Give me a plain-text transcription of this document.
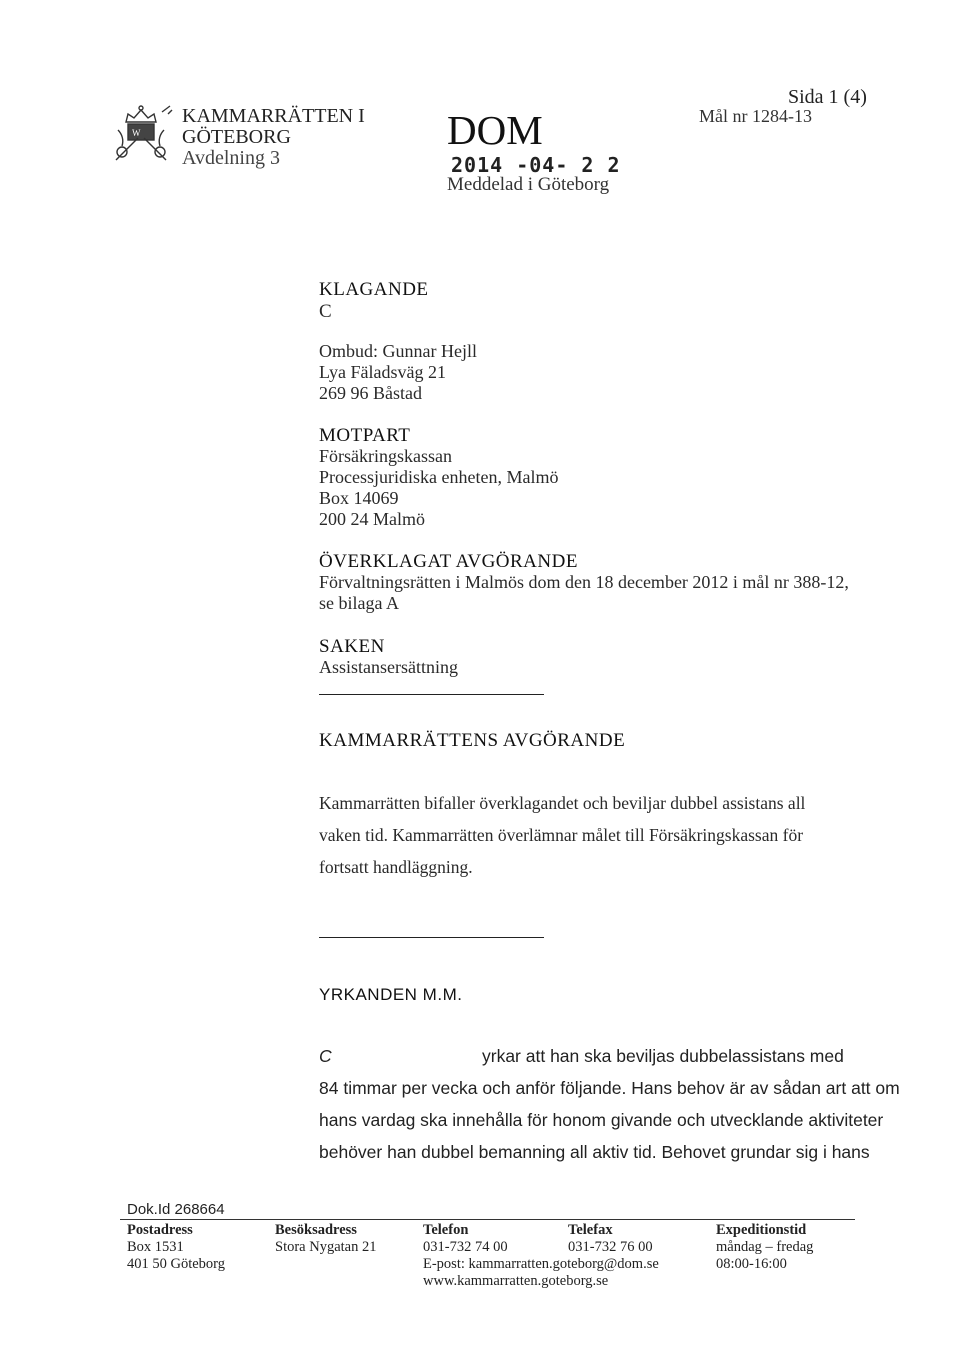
W
KAMMARRÄTTEN I
GÖTEBORG
Avdelning 3
DOM
2014 -04- 2 2
Meddelad i Göteborg
Sida 1 (4)
Mål nr 1284-13
KLAGANDE
C
Ombud: Gunnar Hejll
Lya Fäladsväg 21
269 96 Båstad
MOTPART
Försäkringskassan
Processjuridiska enheten, Malmö
Box 14069
200 24 Malmö
ÖVERKLAGAT AVGÖRANDE
Förvaltningsrätten i Malmös dom den 18 december 2012 i mål nr 388-12,
se bilaga A
SAKEN
Assistansersättning
KAMMARRÄTTENS AVGÖRANDE
Kammarrätten bifaller överklagandet och beviljar dubbel assistans all
vaken tid. Kammarrätten överlämnar målet till Försäkringskassan för
fortsatt handläggning.
YRKANDEN M.M.
C	yrkar att han ska beviljas dubbelassistans med
84 timmar per vecka och anför följande. Hans behov är av sådan art att om
hans vardag ska innehålla för honom givande och utvecklande aktiviteter
behöver han dubbel bemanning all aktiv tid. Behovet grundar sig i hans
Dok.Id 268664
Postadress
Box 1531
401 50 Göteborg
Besöksadress
Stora Nygatan 21
Telefon
031-732 74 00
E-post: kammarratten.goteborg@dom.se
www.kammarratten.goteborg.se
Telefax
031-732 76 00
Expeditionstid
måndag – fredag
08:00-16:00
